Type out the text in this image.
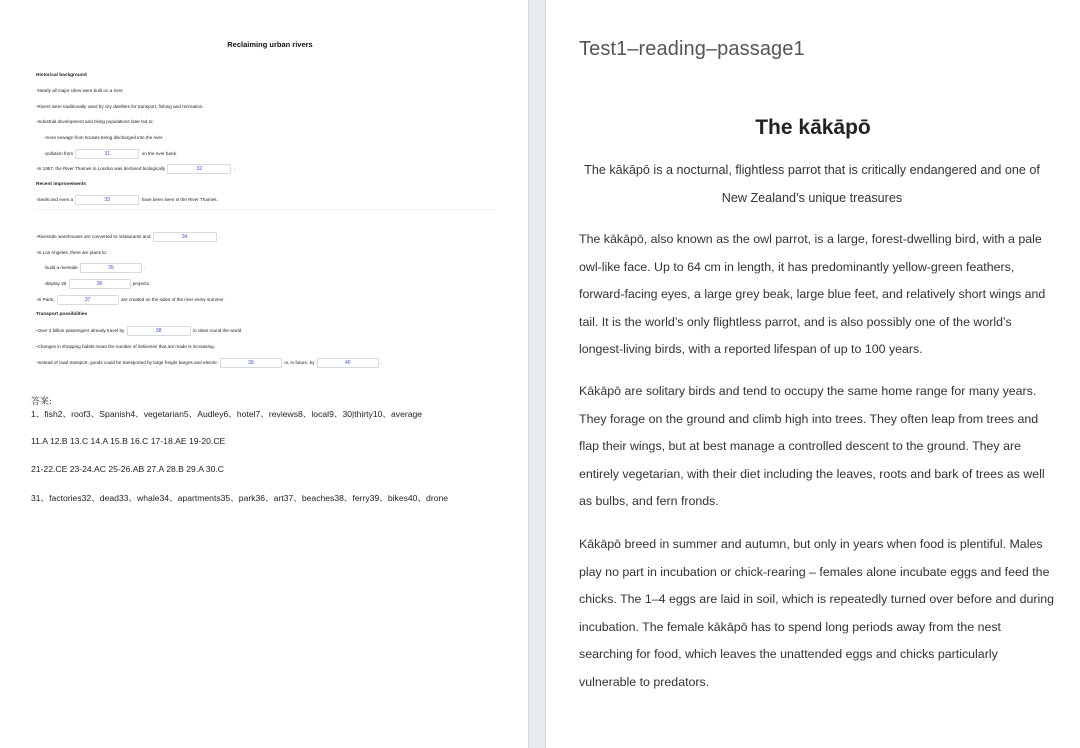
Reclaiming urban rivers
Historical background
-Nearly all major cities were built on a river.
-Rivers were traditionally used by city dwellers for transport, fishing and recreation.
-Industrial development and rising populations later led to:
-more sewage from houses being discharged into the river
-pollution from	31	on the river bank.
-In 1957, the River Thames in London was declared biologically	32	.
Recent improvements
-Seals and even a	33	have been seen in the River Thames.
-Riverside warehouses are converted to restaurants and	34	.
-In Los Angeles, there are plans to:
-build a riverside	35	.
-display 36	36	projects.
-In Paris,	37	are created on the sides of the river every summer.
Transport possibilities
-Over 2 billion passengers already travel by	38	in cities round the world.
-Changes in shopping habits mean the number of deliveries that are made is increasing.
-Instead of road transport, goods could be transported by large freight barges and electric	39	or, in future, by	40	.
答案:
1、fish2、roof3、Spanish4、vegetarian5、Audley6、hotel7、reviews8、local9、30|thirty10、average
11.A 12.B 13.C 14.A 15.B 16.C 17-18.AE 19-20.CE
21-22.CE 23-24.AC 25-26.AB 27.A 28.B 29.A 30.C
31、factories32、dead33、whale34、apartments35、park36、art37、beaches38、ferry39、bikes40、drone
Test1–reading–passage1
The kākāpō
The kākāpō is a nocturnal, flightless parrot that is critically endangered and one of New Zealand’s unique treasures
The kākāpō, also known as the owl parrot, is a large, forest-dwelling bird, with a pale owl-like face. Up to 64 cm in length, it has predominantly yellow-green feathers, forward-facing eyes, a large grey beak, large blue feet, and relatively short wings and tail. It is the world’s only flightless parrot, and is also possibly one of the world’s longest-living birds, with a reported lifespan of up to 100 years.
Kākāpō are solitary birds and tend to occupy the same home range for many years. They forage on the ground and climb high into trees. They often leap from trees and flap their wings, but at best manage a controlled descent to the ground. They are entirely vegetarian, with their diet including the leaves, roots and bark of trees as well as bulbs, and fern fronds.
Kākāpō breed in summer and autumn, but only in years when food is plentiful. Males play no part in incubation or chick-rearing – females alone incubate eggs and feed the chicks. The 1–4 eggs are laid in soil, which is repeatedly turned over before and during incubation. The female kākāpō has to spend long periods away from the nest searching for food, which leaves the unattended eggs and chicks particularly vulnerable to predators.
